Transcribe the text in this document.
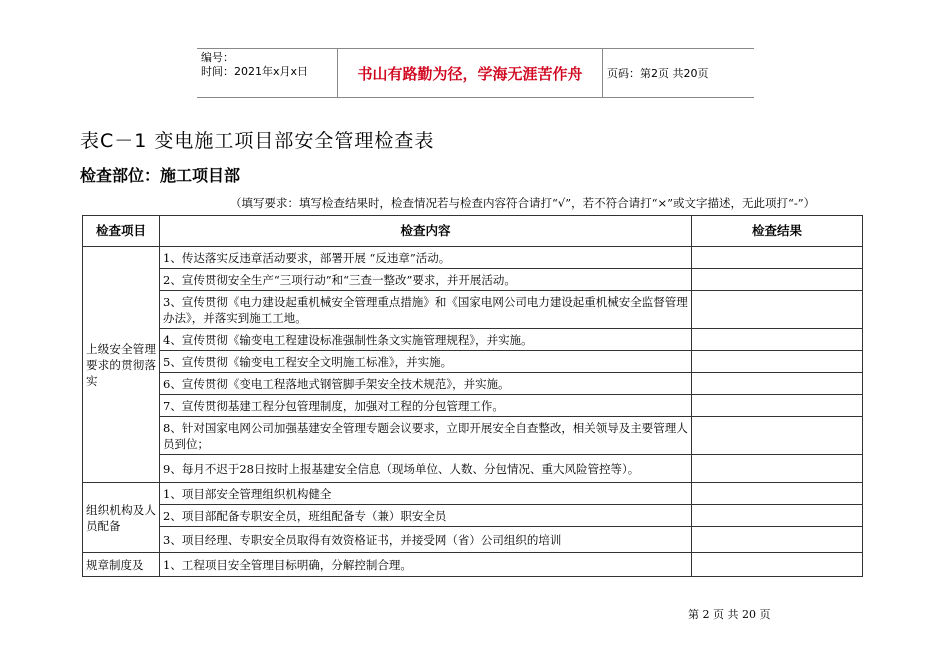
编号：
时间：2021年x月x日	书山有路勤为径，学海无涯苦作舟	页码：第2页 共20页
表C－1 变电施工项目部安全管理检查表
检查部位：施工项目部
（填写要求：填写检查结果时，检查情况若与检查内容符合请打“√”，若不符合请打“×”或文字描述，无此项打“-”）
检查项目	检查内容	检查结果
上级安全管理要求的贯彻落实	1、传达落实反违章活动要求，部署开展 “反违章”活动。	
	2、宣传贯彻安全生产“三项行动”和“三查一整改”要求，并开展活动。	
	3、宣传贯彻《电力建设起重机械安全管理重点措施》和《国家电网公司电力建设起重机械安全监督管理办法》，并落实到施工工地。	
	4、宣传贯彻《输变电工程建设标准强制性条文实施管理规程》，并实施。	
	5、宣传贯彻《输变电工程安全文明施工标准》，并实施。	
	6、宣传贯彻《变电工程落地式钢管脚手架安全技术规范》，并实施。	
	7、宣传贯彻基建工程分包管理制度，加强对工程的分包管理工作。	
	8、针对国家电网公司加强基建安全管理专题会议要求，立即开展安全自查整改，相关领导及主要管理人员到位；	
	9、每月不迟于28日按时上报基建安全信息（现场单位、人数、分包情况、重大风险管控等）。	
组织机构及人员配备	1、项目部安全管理组织机构健全	
	2、项目部配备专职安全员，班组配备专（兼）职安全员	
	3、项目经理、专职安全员取得有效资格证书，并接受网（省）公司组织的培训	
规章制度及	1、工程项目安全管理目标明确，分解控制合理。	
第 2 页 共 20 页
